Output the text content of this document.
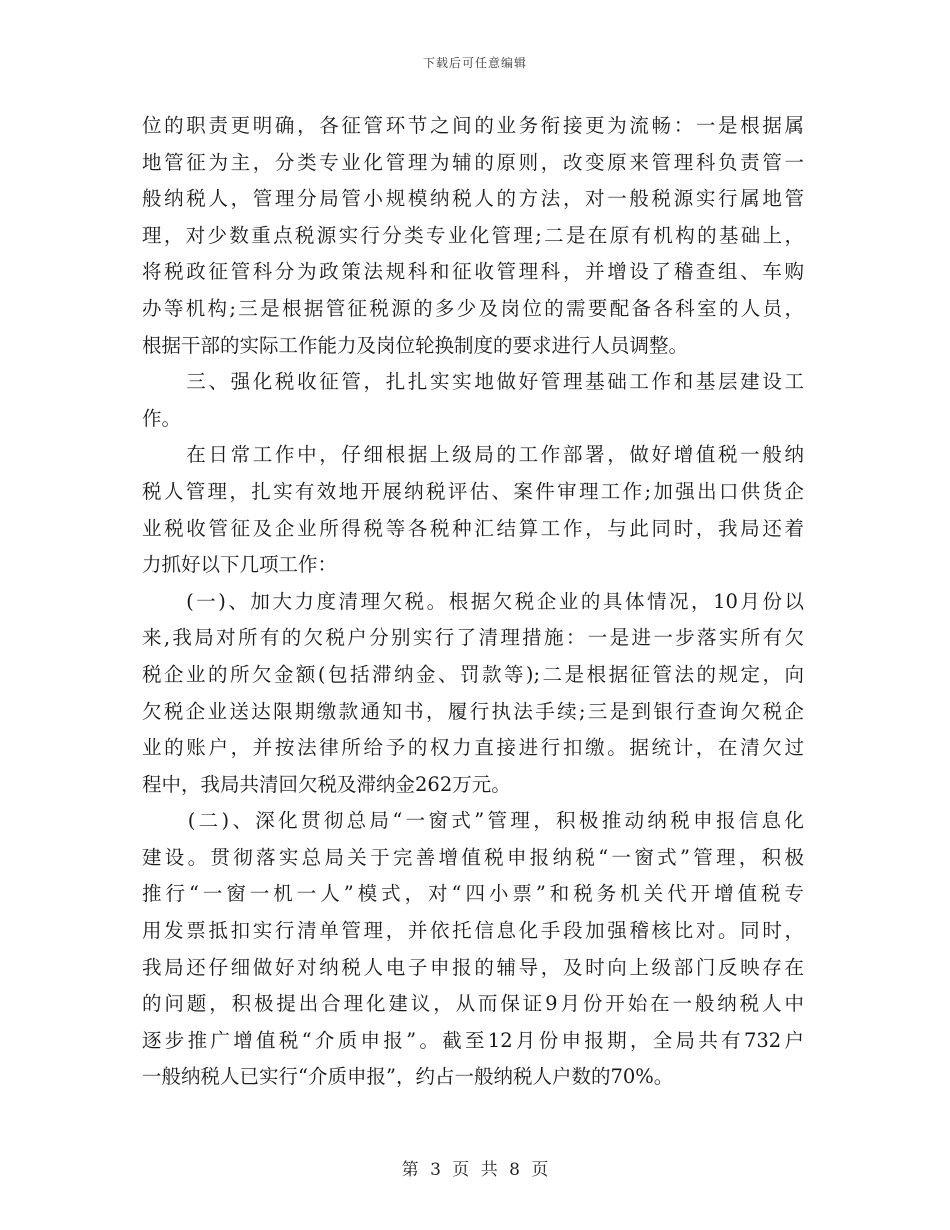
下载后可任意编辑
位的职责更明确，各征管环节之间的业务衔接更为流畅：一是根据属
地管征为主，分类专业化管理为辅的原则，改变原来管理科负责管一
般纳税人，管理分局管小规模纳税人的方法，对一般税源实行属地管
理，对少数重点税源实行分类专业化管理;二是在原有机构的基础上，
将税政征管科分为政策法规科和征收管理科，并增设了稽查组、车购
办等机构;三是根据管征税源的多少及岗位的需要配备各科室的人员，
根据干部的实际工作能力及岗位轮换制度的要求进行人员调整。
　　三、强化税收征管，扎扎实实地做好管理基础工作和基层建设工
作。
　　在日常工作中，仔细根据上级局的工作部署，做好增值税一般纳
税人管理，扎实有效地开展纳税评估、案件审理工作;加强出口供货企
业税收管征及企业所得税等各税种汇结算工作，与此同时，我局还着
力抓好以下几项工作：
　　(一)、加大力度清理欠税。根据欠税企业的具体情况，10月份以
来,我局对所有的欠税户分别实行了清理措施：一是进一步落实所有欠
税企业的所欠金额(包括滞纳金、罚款等);二是根据征管法的规定，向
欠税企业送达限期缴款通知书，履行执法手续;三是到银行查询欠税企
业的账户，并按法律所给予的权力直接进行扣缴。据统计，在清欠过
程中，我局共清回欠税及滞纳金262万元。
　　(二)、深化贯彻总局“一窗式”管理，积极推动纳税申报信息化
建设。贯彻落实总局关于完善增值税申报纳税“一窗式”管理，积极
推行“一窗一机一人”模式，对“四小票”和税务机关代开增值税专
用发票抵扣实行清单管理，并依托信息化手段加强稽核比对。同时，
我局还仔细做好对纳税人电子申报的辅导，及时向上级部门反映存在
的问题，积极提出合理化建议，从而保证9月份开始在一般纳税人中
逐步推广增值税“介质申报”。截至12月份申报期，全局共有732户
一般纳税人已实行“介质申报”，约占一般纳税人户数的70%。
第 3 页 共 8 页
